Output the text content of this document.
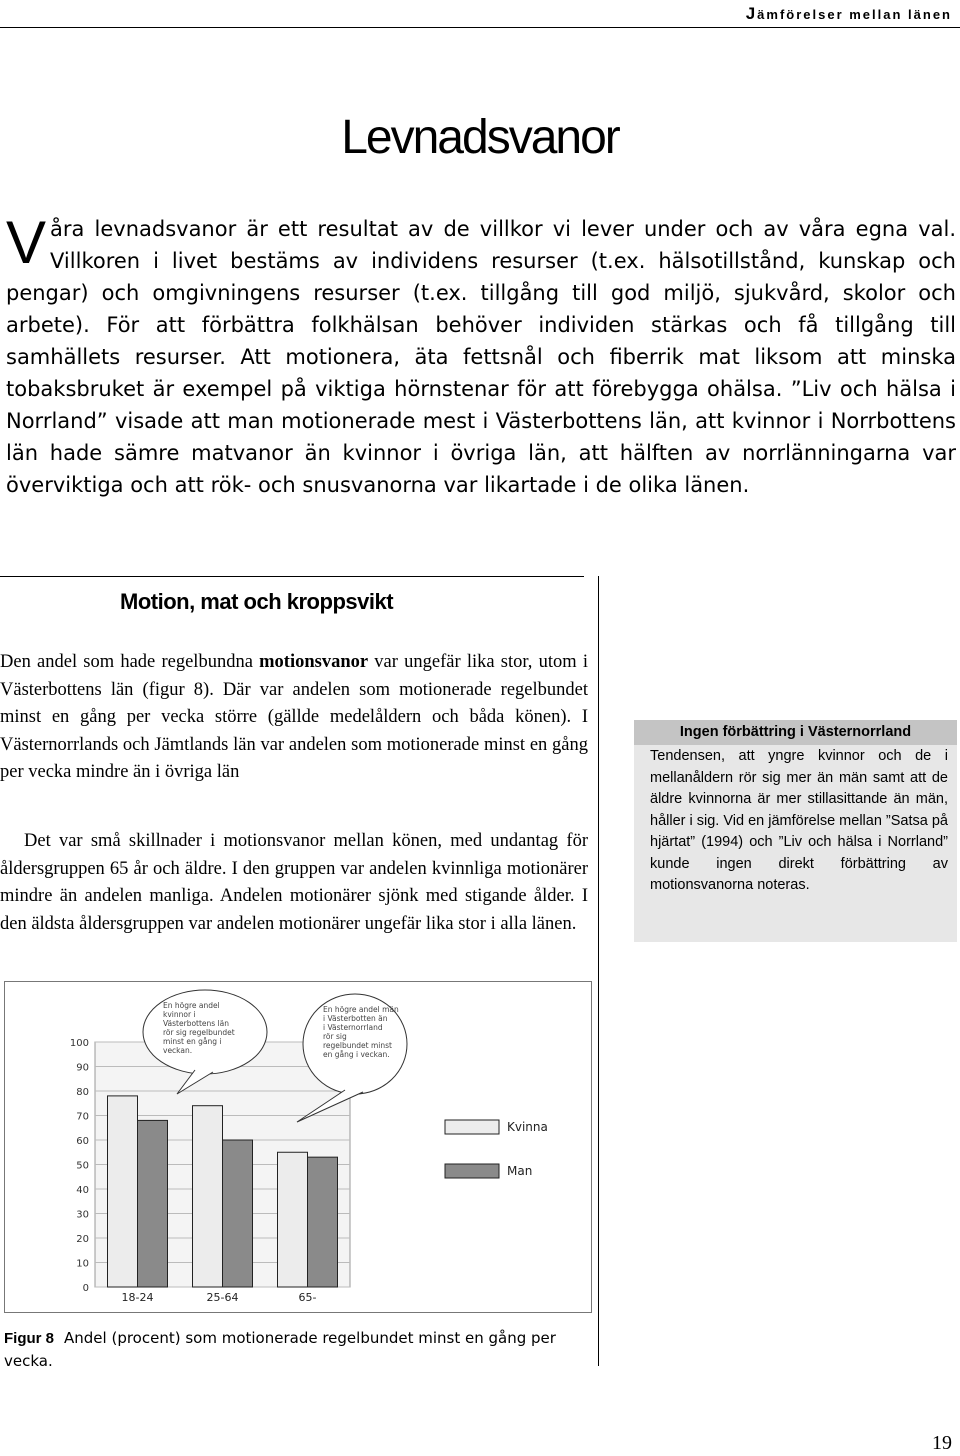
Jämförelser mellan länen
Levnadsvanor
V åra levnadsvanor är ett resultat av de villkor vi lever under och av våra egna val. Villkoren i livet bestäms av individens resurser (t.ex. hälsotillstånd, kunskap och pengar) och omgivningens resurser (t.ex. tillgång till god miljö, sjukvård, skolor och arbete). För att förbättra folkhälsan behöver individen stärkas och få tillgång till samhällets resurser. Att motionera, äta fettsnål och fiberrik mat liksom att minska tobaksbruket är exempel på viktiga hörnstenar för att förebygga ohälsa. ”Liv och hälsa i Norrland” visade att man motionerade mest i Västerbottens län, att kvinnor i Norrbottens län hade sämre matvanor än kvinnor i övriga län, att hälften av norrlänningarna var överviktiga och att rök- och snusvanorna var likartade i de olika länen.

Motion, mat och kroppsvikt

Den andel som hade regelbundna motionsvanor var ungefär lika stor, utom i Västerbottens län (figur 8). Där var andelen som motionerade regelbundet minst en gång per vecka större (gällde medelåldern och båda könen). I Västernorrlands och Jämtlands län var andelen som motionerade minst en gång per vecka mindre än i övriga län

Det var små skillnader i motionsvanor mellan könen, med undantag för åldersgruppen 65 år och äldre. I den gruppen var andelen kvinnliga motionärer mindre än andelen manliga. Andelen motionärer sjönk med stigande ålder. I den äldsta åldersgruppen var andelen motionärer ungefär lika stor i alla länen.

Ingen förbättring i Västernorrland
Tendensen, att yngre kvinnor och de i mellanåldern rör sig mer än män samt att de äldre kvinnorna är mer stillasittande än män, håller i sig. Vid en jämförelse mellan ”Satsa på hjärtat” (1994) och ”Liv och hälsa i Norrland” kunde ingen direkt förbättring av motionsvanorna noteras.
0
10
20
30
40
50
60
70
80
90
100
18-24	25-64	65-
Kvinna
Man
En högre andel
kvinnor i
Västerbottens län
rör sig regelbundet
minst en gång i
veckan.
En högre andel män
i Västerbotten än
i Västernorrland
rör sig
regelbundet minst
en gång i veckan.
Figur 8 Andel (procent) som motionerade regelbundet minst en gång per vecka.
19
